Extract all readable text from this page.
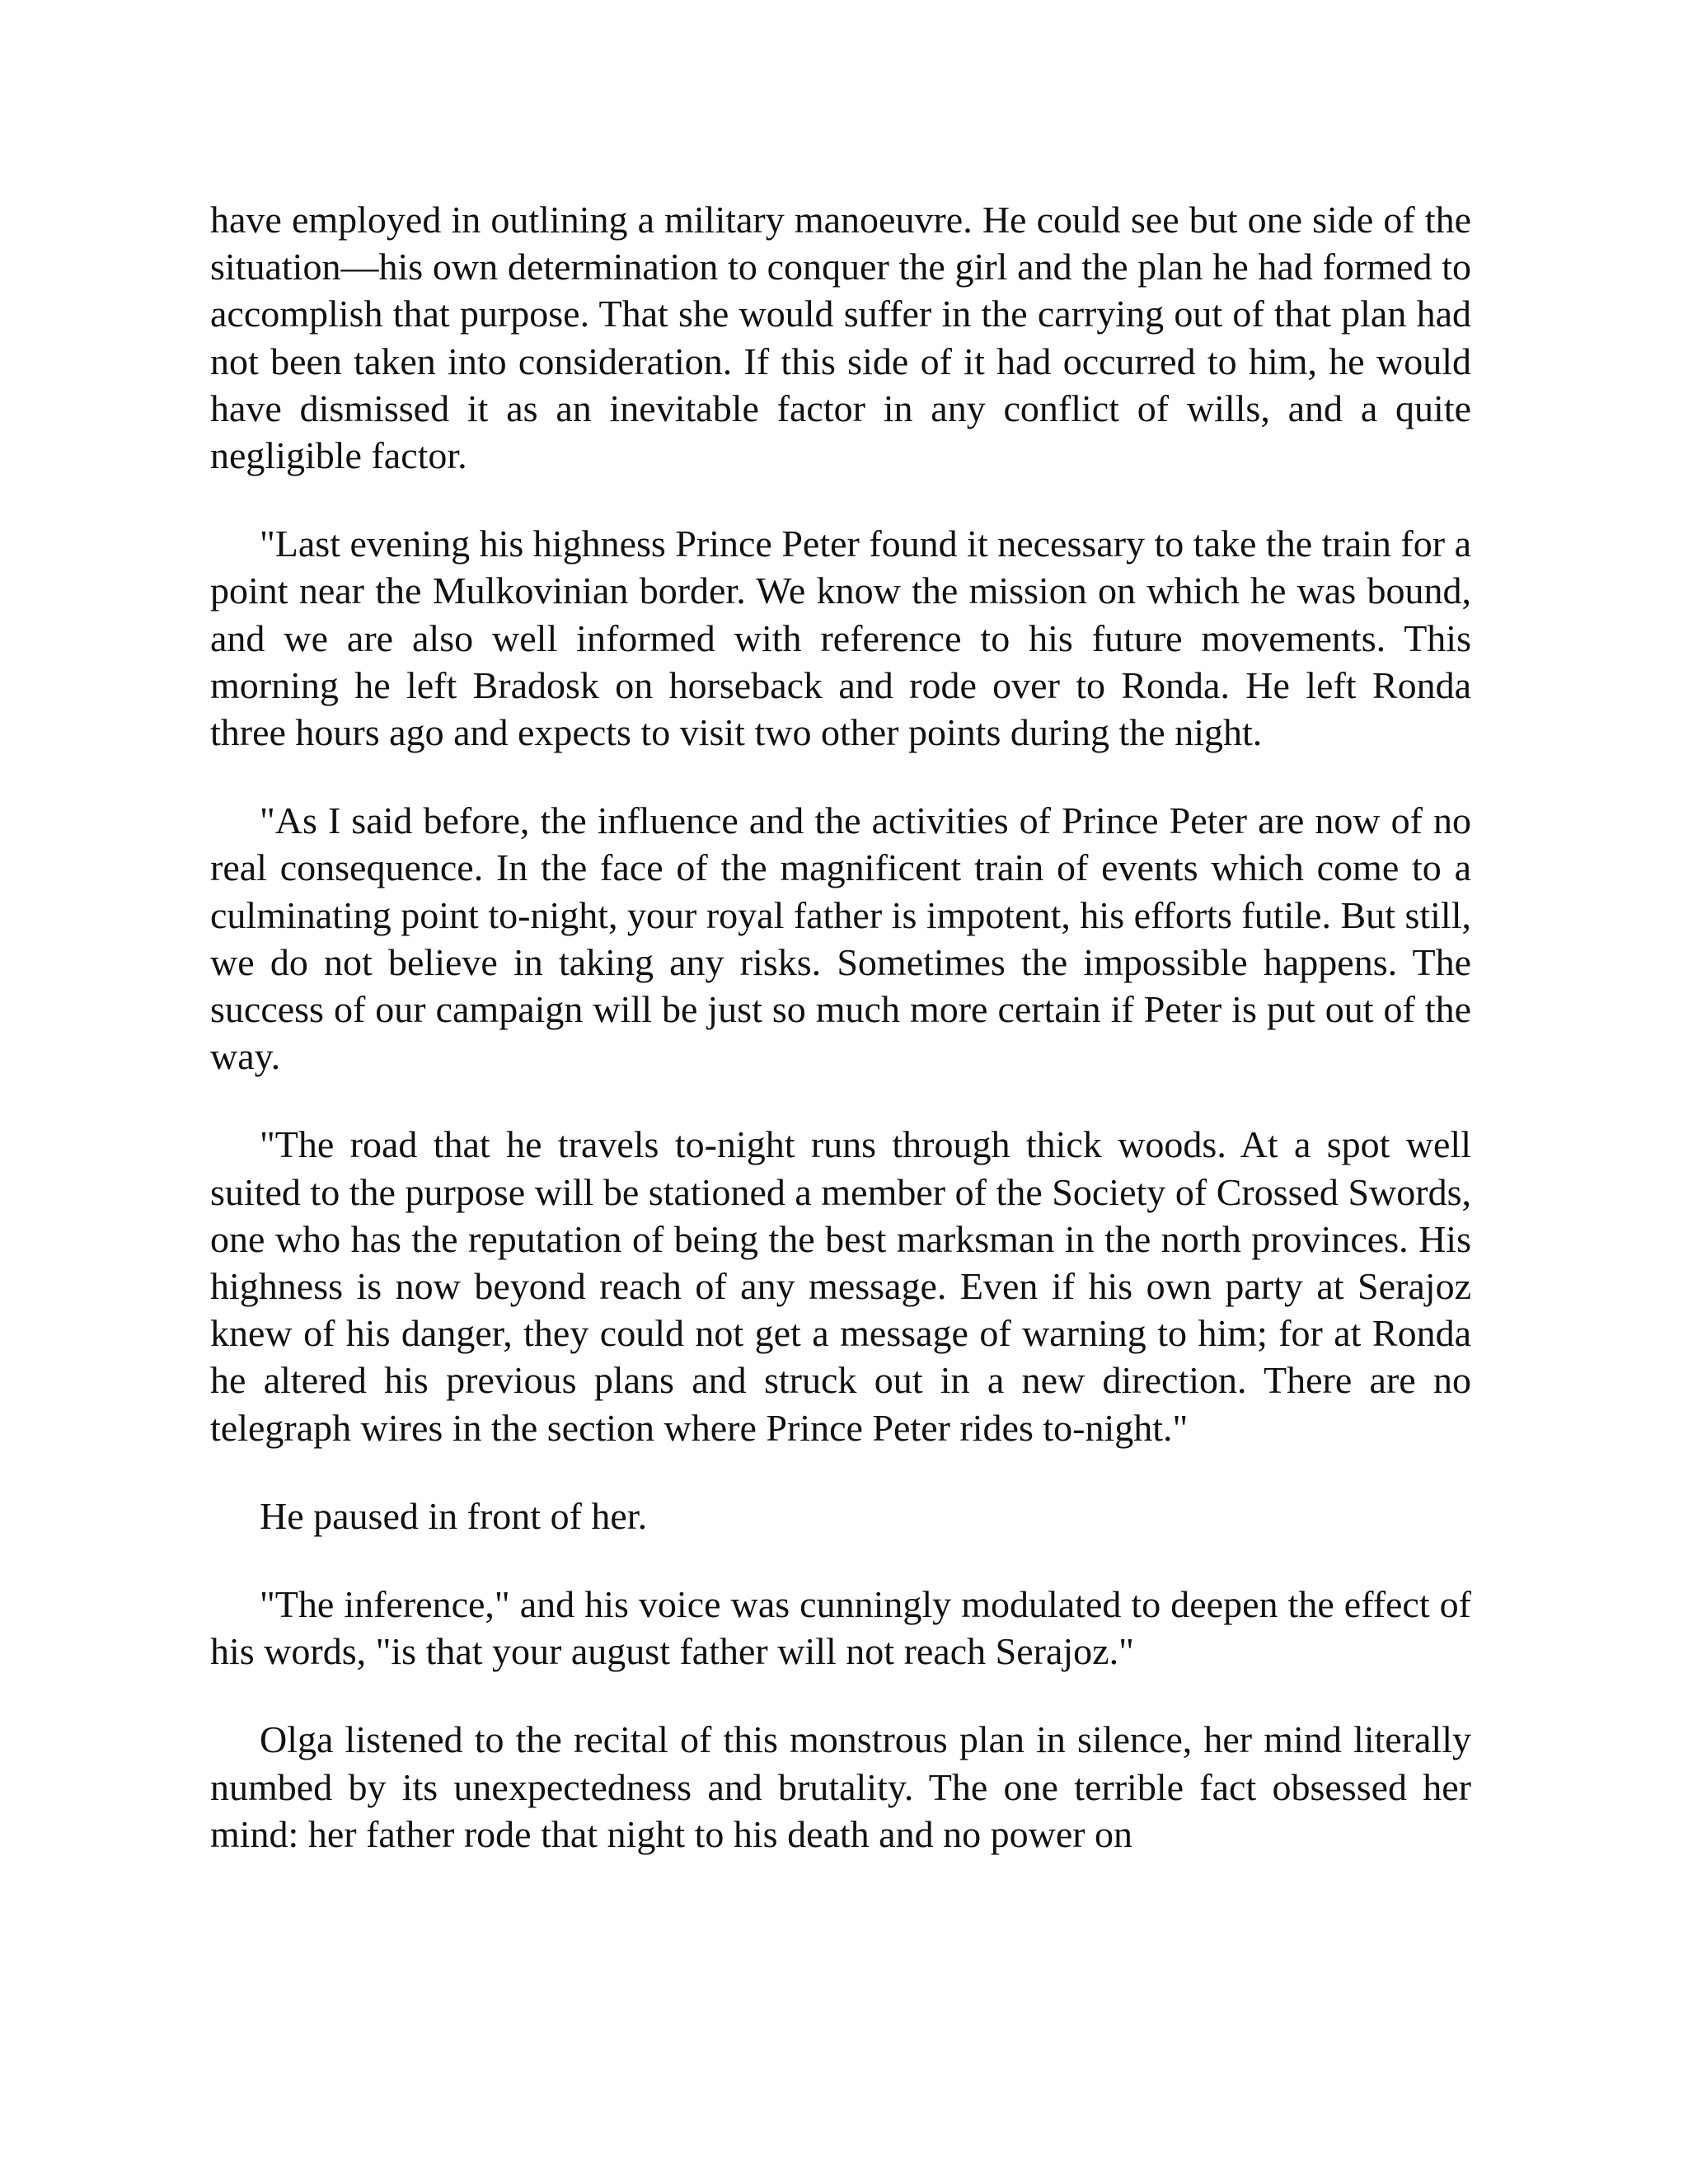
have employed in outlining a military manoeuvre. He could see but one side of the situation—his own determination to conquer the girl and the plan he had formed to accomplish that purpose. That she would suffer in the carrying out of that plan had not been taken into consideration. If this side of it had occurred to him, he would have dismissed it as an inevitable factor in any conflict of wills, and a quite negligible factor.

"Last evening his highness Prince Peter found it necessary to take the train for a point near the Mulkovinian border. We know the mission on which he was bound, and we are also well informed with reference to his future movements. This morning he left Bradosk on horseback and rode over to Ronda. He left Ronda three hours ago and expects to visit two other points during the night.

"As I said before, the influence and the activities of Prince Peter are now of no real consequence. In the face of the magnificent train of events which come to a culminating point to-night, your royal father is impotent, his efforts futile. But still, we do not believe in taking any risks. Sometimes the impossible happens. The success of our campaign will be just so much more certain if Peter is put out of the way.

"The road that he travels to-night runs through thick woods. At a spot well suited to the purpose will be stationed a member of the Society of Crossed Swords, one who has the reputation of being the best marksman in the north provinces. His highness is now beyond reach of any message. Even if his own party at Serajoz knew of his danger, they could not get a message of warning to him; for at Ronda he altered his previous plans and struck out in a new direction. There are no telegraph wires in the section where Prince Peter rides to-night."

He paused in front of her.

"The inference," and his voice was cunningly modulated to deepen the effect of his words, "is that your august father will not reach Serajoz."

Olga listened to the recital of this monstrous plan in silence, her mind literally numbed by its unexpectedness and brutality. The one terrible fact obsessed her mind: her father rode that night to his death and no power on
